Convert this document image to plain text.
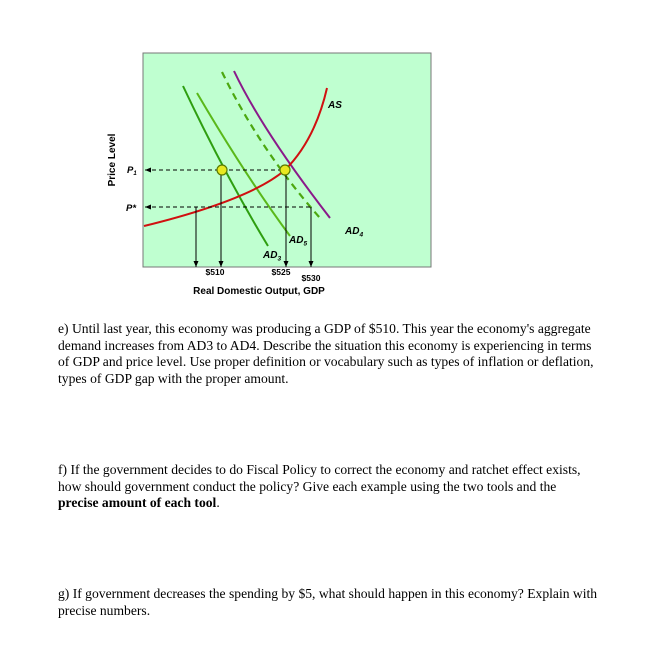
AS
$AD_4$
$AD_5$
$AD_3$
$P_1$
P*
Price Level
$510	$525
$530
Real Domestic Output, GDP

e) Until last year, this economy was producing a GDP of $510. This year the economy's aggregate demand increases from AD3 to AD4. Describe the situation this economy is experiencing in terms of GDP and price level. Use proper definition or vocabulary such as types of inflation or deflation, types of GDP gap with the proper amount.

f) If the government decides to do Fiscal Policy to correct the economy and ratchet effect exists, how should government conduct the policy? Give each example using the two tools and the precise amount of each tool.

g) If government decreases the spending by $5, what should happen in this economy? Explain with precise numbers.
